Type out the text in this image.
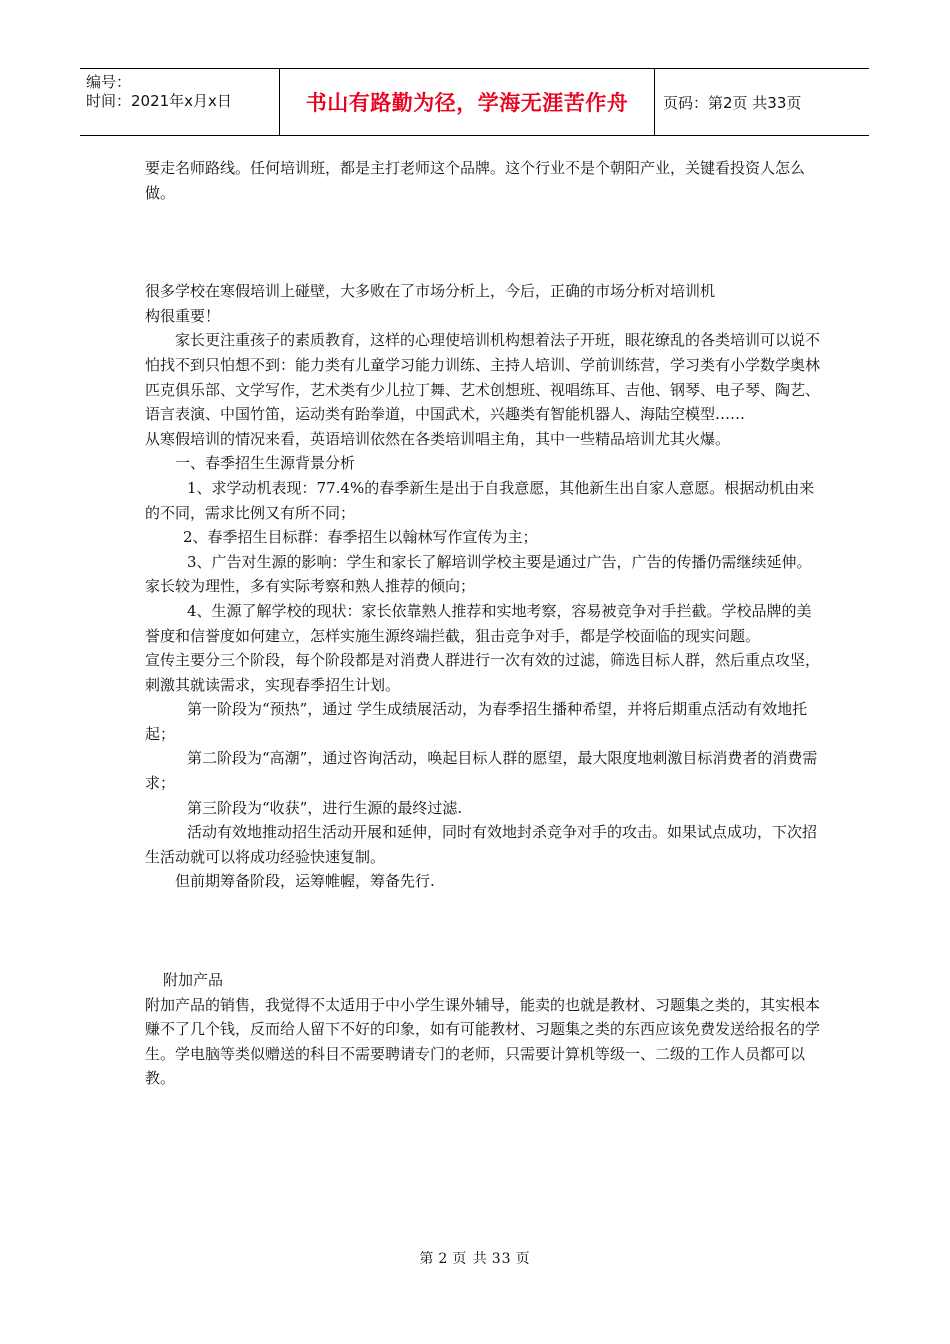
编号：
时间：2021年x月x日	书山有路勤为径，学海无涯苦作舟	页码：第2页 共33页

要走名师路线。任何培训班，都是主打老师这个品牌。这个行业不是个朝阳产业，关键看投资人怎么做。

很多学校在寒假培训上碰壁，大多败在了市场分析上，今后，正确的市场分析对培训机

构很重要！

家长更注重孩子的素质教育，这样的心理使培训机构想着法子开班，眼花缭乱的各类培训可以说不怕找不到只怕想不到：能力类有儿童学习能力训练、主持人培训、学前训练营，学习类有小学数学奥林匹克俱乐部、文学写作，艺术类有少儿拉丁舞、艺术创想班、视唱练耳、吉他、钢琴、电子琴、陶艺、语言表演、中国竹笛，运动类有跆拳道，中国武术，兴趣类有智能机器人、海陆空模型……

从寒假培训的情况来看，英语培训依然在各类培训唱主角，其中一些精品培训尤其火爆。

一、春季招生生源背景分析

1、求学动机表现：77.4%的春季新生是出于自我意愿，其他新生出自家人意愿。根据动机由来的不同，需求比例又有所不同；

2、春季招生目标群：春季招生以翰林写作宣传为主；

3、广告对生源的影响：学生和家长了解培训学校主要是通过广告，广告的传播仍需继续延伸。家长较为理性，多有实际考察和熟人推荐的倾向；

4、生源了解学校的现状：家长依靠熟人推荐和实地考察，容易被竞争对手拦截。学校品牌的美誉度和信誉度如何建立，怎样实施生源终端拦截，狙击竞争对手，都是学校面临的现实问题。

宣传主要分三个阶段，每个阶段都是对消费人群进行一次有效的过滤，筛选目标人群，然后重点攻坚，刺激其就读需求，实现春季招生计划。

第一阶段为“预热”，通过 学生成绩展活动，为春季招生播种希望，并将后期重点活动有效地托起；

第二阶段为“高潮”，通过咨询活动，唤起目标人群的愿望，最大限度地刺激目标消费者的消费需求；

第三阶段为“收获”，进行生源的最终过滤.

活动有效地推动招生活动开展和延伸，同时有效地封杀竞争对手的攻击。如果试点成功，下次招生活动就可以将成功经验快速复制。

但前期筹备阶段，运筹帷幄，筹备先行.

附加产品

附加产品的销售，我觉得不太适用于中小学生课外辅导，能卖的也就是教材、习题集之类的，其实根本赚不了几个钱，反而给人留下不好的印象，如有可能教材、习题集之类的东西应该免费发送给报名的学生。学电脑等类似赠送的科目不需要聘请专门的老师，只需要计算机等级一、二级的工作人员都可以教。

第 2 页 共 33 页
